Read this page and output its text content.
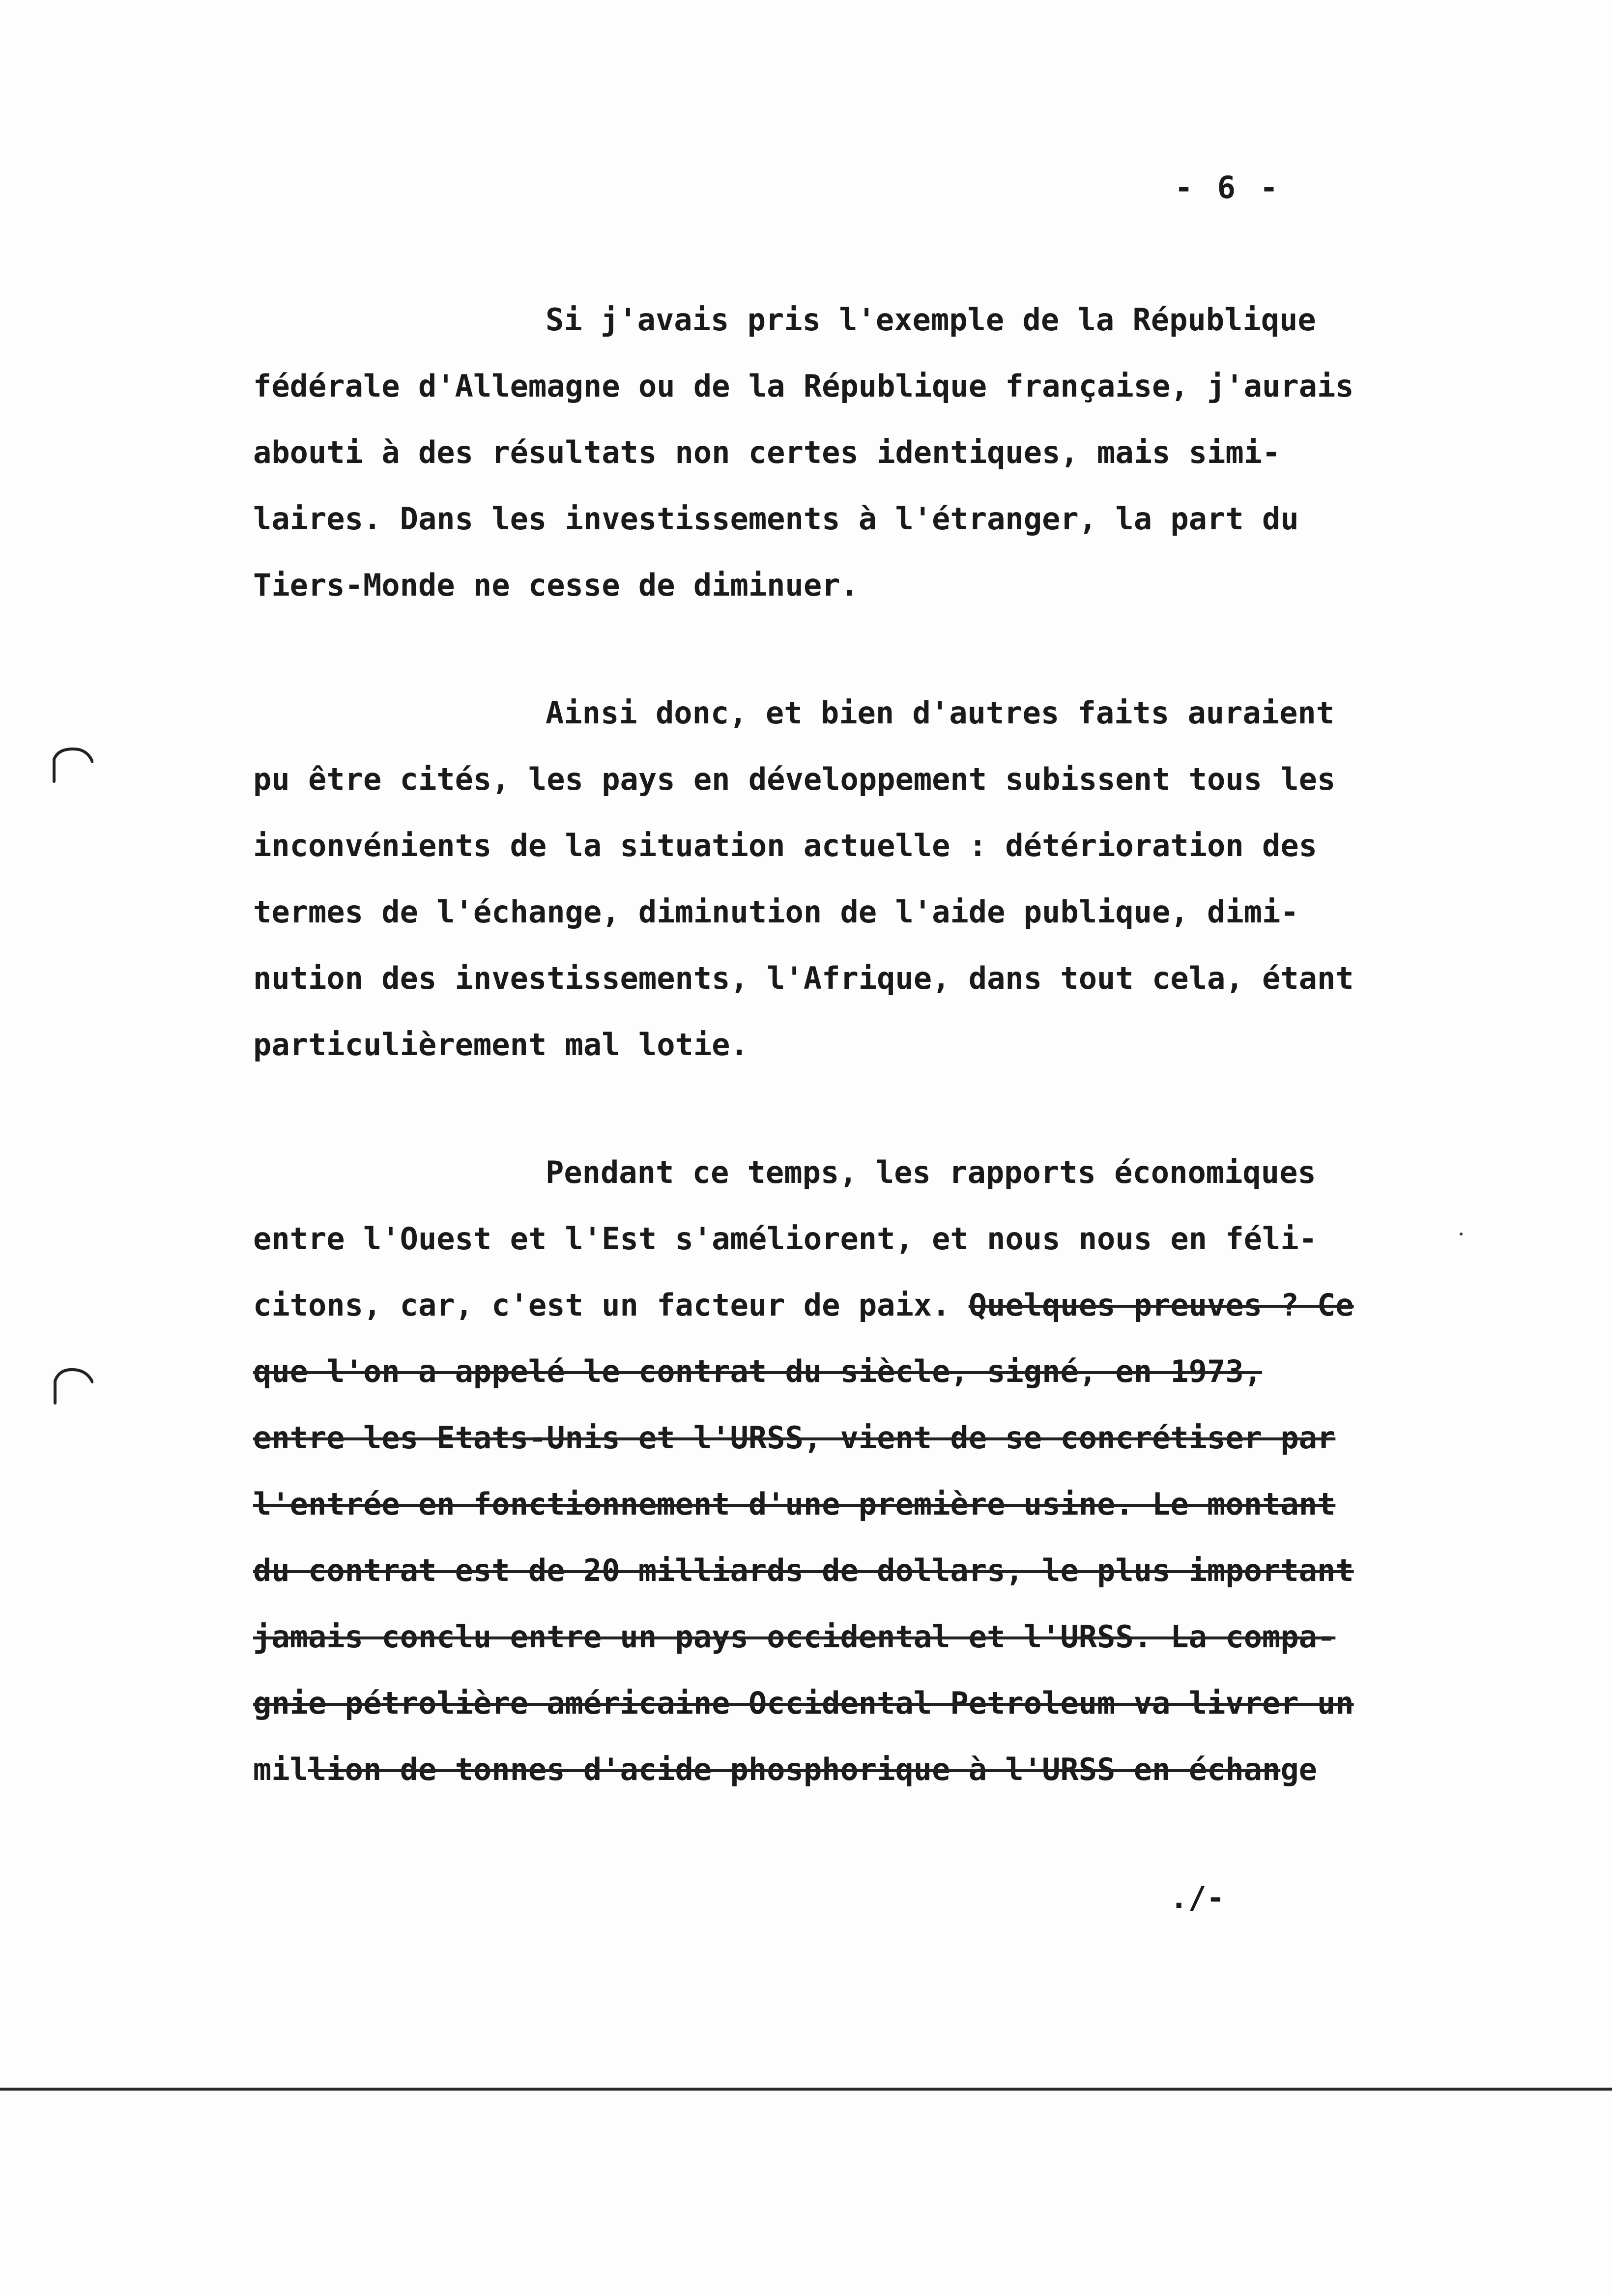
- 6 -
Si j'avais pris l'exemple de la République
fédérale d'Allemagne ou de la République française, j'aurais
abouti à des résultats non certes identiques, mais simi-
laires. Dans les investissements à l'étranger, la part du
Tiers-Monde ne cesse de diminuer.
Ainsi donc, et bien d'autres faits auraient
pu être cités, les pays en développement subissent tous les
inconvénients de la situation actuelle : détérioration des
termes de l'échange, diminution de l'aide publique, dimi-
nution des investissements, l'Afrique, dans tout cela, étant
particulièrement mal lotie.
Pendant ce temps, les rapports économiques
entre l'Ouest et l'Est s'améliorent, et nous nous en féli-
citons, car, c'est un facteur de paix. Quelques preuves ? Ce
que l'on a appelé le contrat du siècle, signé, en 1973,
entre les Etats-Unis et l'URSS, vient de se concrétiser par
l'entrée en fonctionnement d'une première usine. Le montant
du contrat est de 20 milliards de dollars, le plus important
jamais conclu entre un pays occidental et l'URSS. La compa-
gnie pétrolière américaine Occidental Petroleum va livrer un
million de tonnes d'acide phosphorique à l'URSS en échange
./-
